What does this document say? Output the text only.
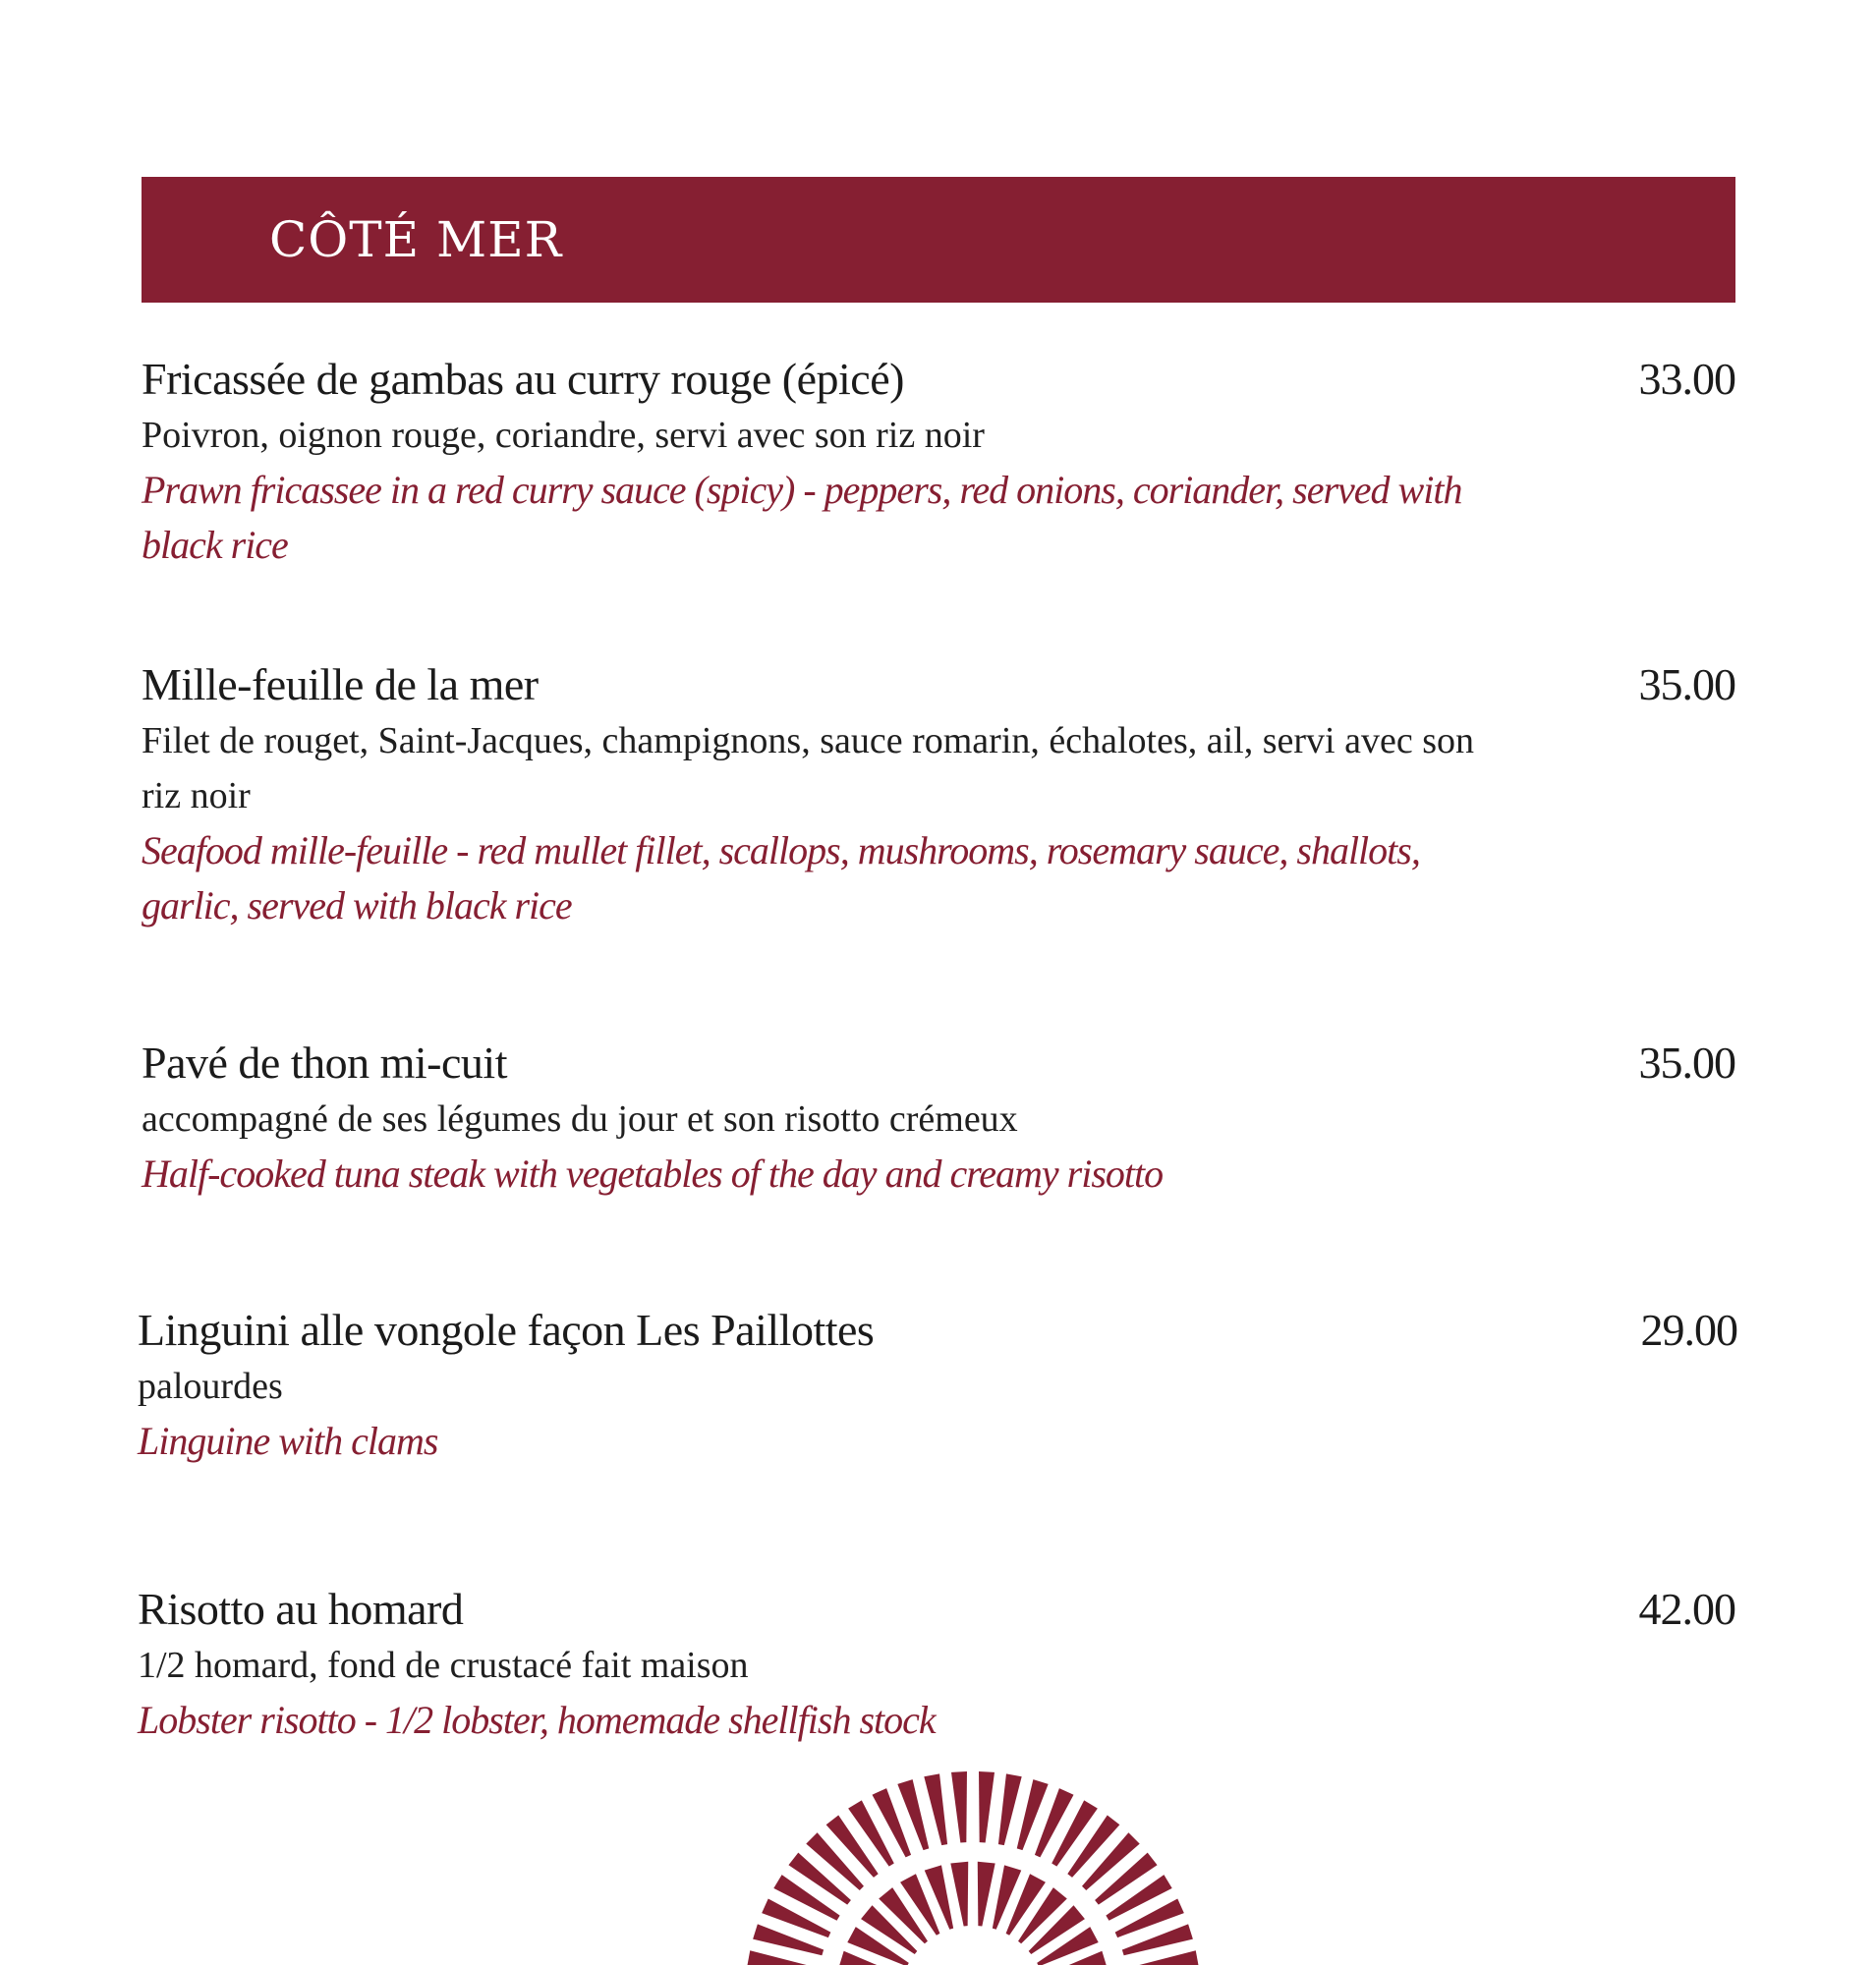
CÔTÉ MER
Fricassée de gambas au curry rouge (épicé)	33.00
Poivron, oignon rouge, coriandre, servi avec son riz noir
Prawn fricassee in a red curry sauce (spicy) - peppers, red onions, coriander, served with black rice
Mille-feuille de la mer	35.00
Filet de rouget, Saint-Jacques, champignons, sauce romarin, échalotes, ail, servi avec son riz noir
Seafood mille-feuille - red mullet fillet, scallops, mushrooms, rosemary sauce, shallots, garlic, served with black rice
Pavé de thon mi-cuit	35.00
accompagné de ses légumes du jour et son risotto crémeux
Half-cooked tuna steak with vegetables of the day and creamy risotto
Linguini alle vongole façon Les Paillottes	29.00
palourdes
Linguine with clams
Risotto au homard	42.00
1/2 homard, fond de crustacé fait maison
Lobster risotto - 1/2 lobster, homemade shellfish stock
